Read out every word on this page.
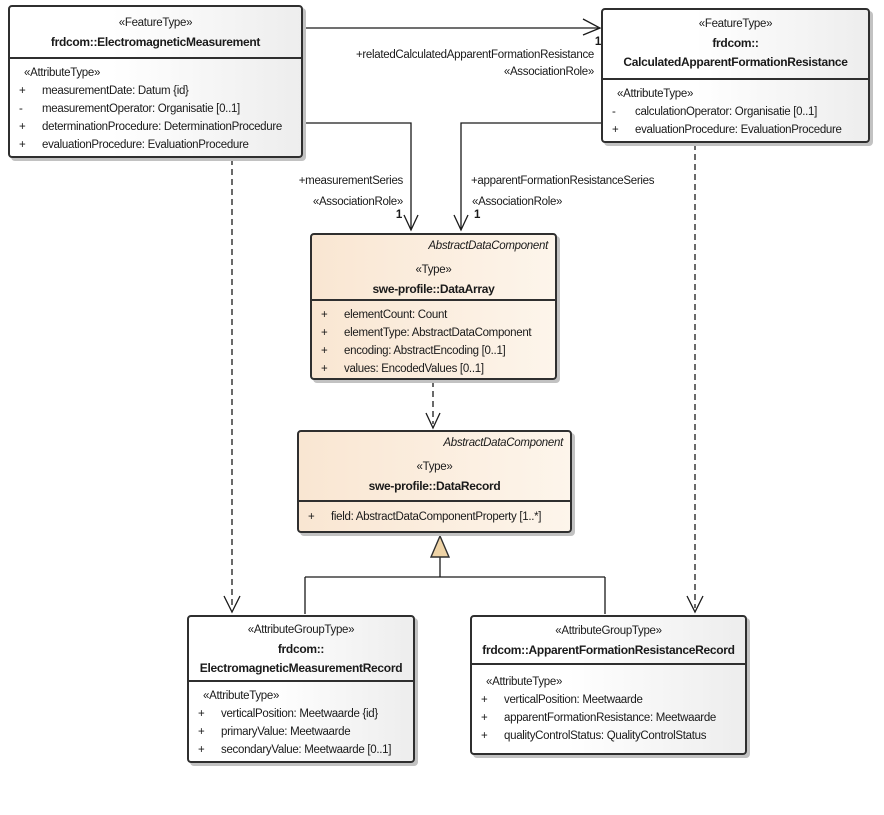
1
+relatedCalculatedApparentFormationResistance
«AssociationRole»
+measurementSeries
«AssociationRole»
1
+apparentFormationResistanceSeries
«AssociationRole»
1
«FeatureType»
frdcom::ElectromagneticMeasurement
«AttributeType»
+ measurementDate: Datum {id}
- measurementOperator: Organisatie [0..1]
+ determinationProcedure: DeterminationProcedure
+ evaluationProcedure: EvaluationProcedure
«FeatureType»
frdcom::
CalculatedApparentFormationResistance
«AttributeType»
- calculationOperator: Organisatie [0..1]
+ evaluationProcedure: EvaluationProcedure
AbstractDataComponent
«Type»
swe-profile::DataArray
+ elementCount: Count
+ elementType: AbstractDataComponent
+ encoding: AbstractEncoding [0..1]
+ values: EncodedValues [0..1]
AbstractDataComponent
«Type»
swe-profile::DataRecord
+ field: AbstractDataComponentProperty [1..*]
«AttributeGroupType»
frdcom::
ElectromagneticMeasurementRecord
«AttributeType»
+ verticalPosition: Meetwaarde {id}
+ primaryValue: Meetwaarde
+ secondaryValue: Meetwaarde [0..1]
«AttributeGroupType»
frdcom::ApparentFormationResistanceRecord
«AttributeType»
+ verticalPosition: Meetwaarde
+ apparentFormationResistance: Meetwaarde
+ qualityControlStatus: QualityControlStatus
